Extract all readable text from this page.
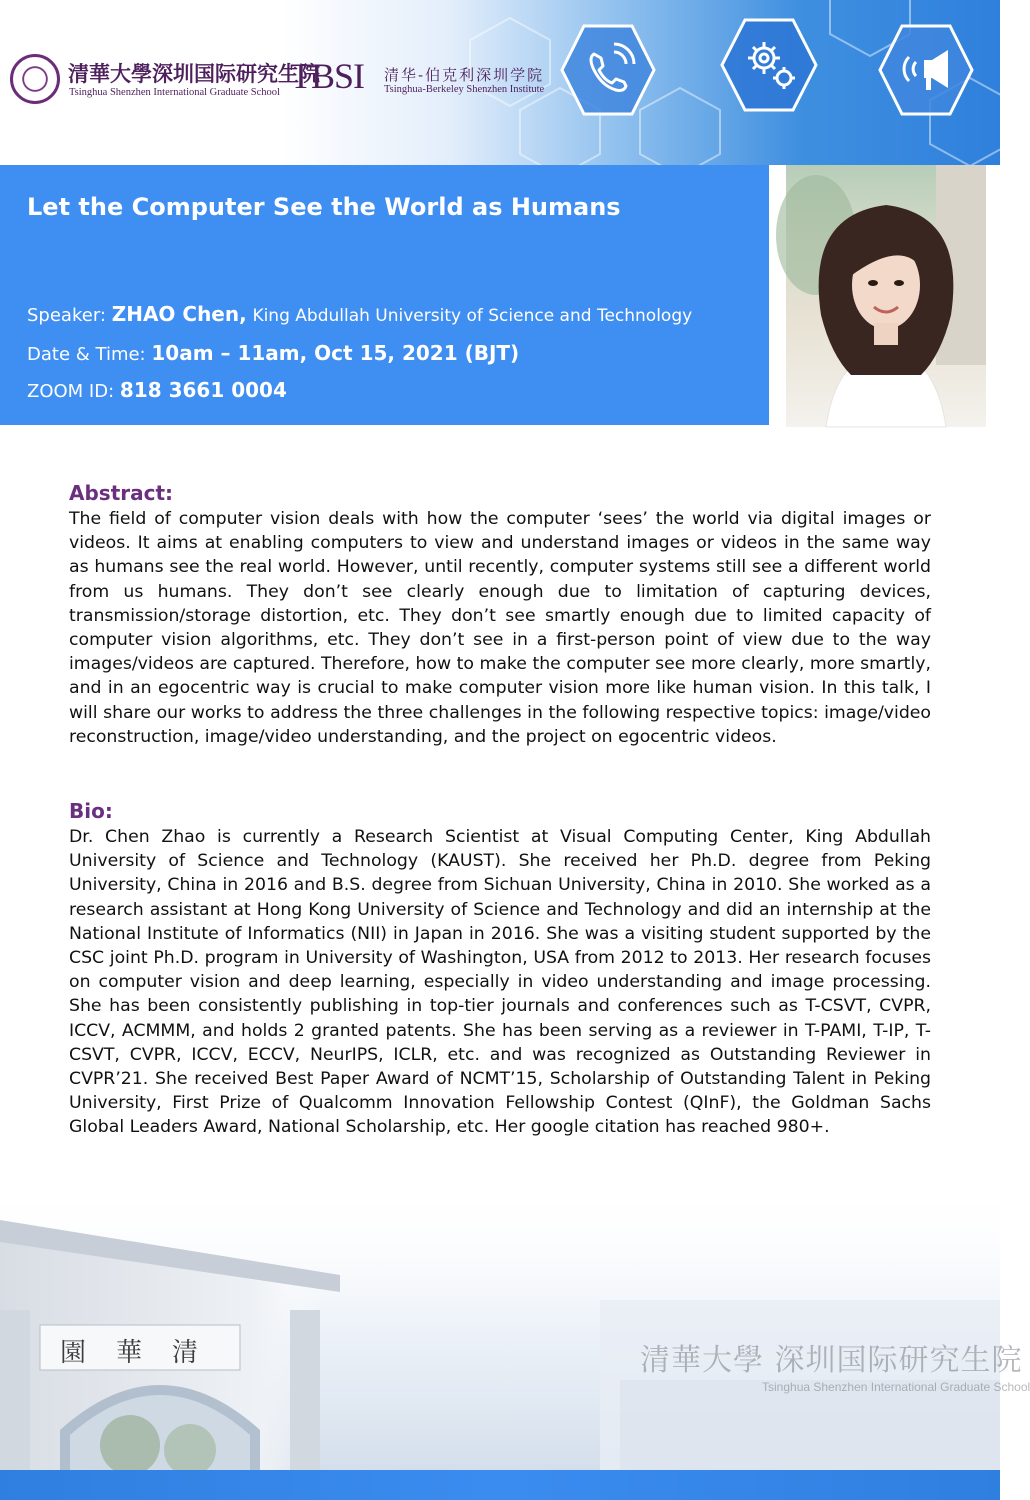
清華大學深圳国际研究生院
Tsinghua Shenzhen International Graduate School TBSI 清华-伯克利深圳学院
Tsinghua-Berkeley Shenzhen Institute
Let the Computer See the World as Humans
Speaker: ZHAO Chen, King Abdullah University of Science and Technology
Date & Time: 10am – 11am, Oct 15, 2021 (BJT)
ZOOM ID: 818 3661 0004
Abstract:

The field of computer vision deals with how the computer ‘sees’ the world via digital images or videos. It aims at enabling computers to view and understand images or videos in the same way as humans see the real world. However, until recently, computer systems still see a different world from us humans. They don’t see clearly enough due to limitation of capturing devices, transmission/storage distortion, etc. They don’t see smartly enough due to limited capacity of computer vision algorithms, etc. They don’t see in a first-person point of view due to the way images/videos are captured. Therefore, how to make the computer see more clearly, more smartly, and in an egocentric way is crucial to make computer vision more like human vision. In this talk, I will share our works to address the three challenges in the following respective topics: image/video reconstruction, image/video understanding, and the project on egocentric videos.

Bio:

Dr. Chen Zhao is currently a Research Scientist at Visual Computing Center, King Abdullah University of Science and Technology (KAUST). She received her Ph.D. degree from Peking University, China in 2016 and B.S. degree from Sichuan University, China in 2010. She worked as a research assistant at Hong Kong University of Science and Technology and did an internship at the National Institute of Informatics (NII) in Japan in 2016. She was a visiting student supported by the CSC joint Ph.D. program in University of Washington, USA from 2012 to 2013. Her research focuses on computer vision and deep learning, especially in video understanding and image processing. She has been consistently publishing in top-tier journals and conferences such as T-CSVT, CVPR, ICCV, ACMMM, and holds 2 granted patents. She has been serving as a reviewer in T-PAMI, T-IP, T-CSVT, CVPR, ICCV, ECCV, NeurIPS, ICLR, etc. and was recognized as Outstanding Reviewer in CVPR’21. She received Best Paper Award of NCMT’15, Scholarship of Outstanding Talent in Peking University, First Prize of Qualcomm Innovation Fellowship Contest (QInF), the Goldman Sachs Global Leaders Award, National Scholarship, etc. Her google citation has reached 980+.

園華清	清華大學 深圳国际研究生院
Tsinghua Shenzhen International Graduate School
